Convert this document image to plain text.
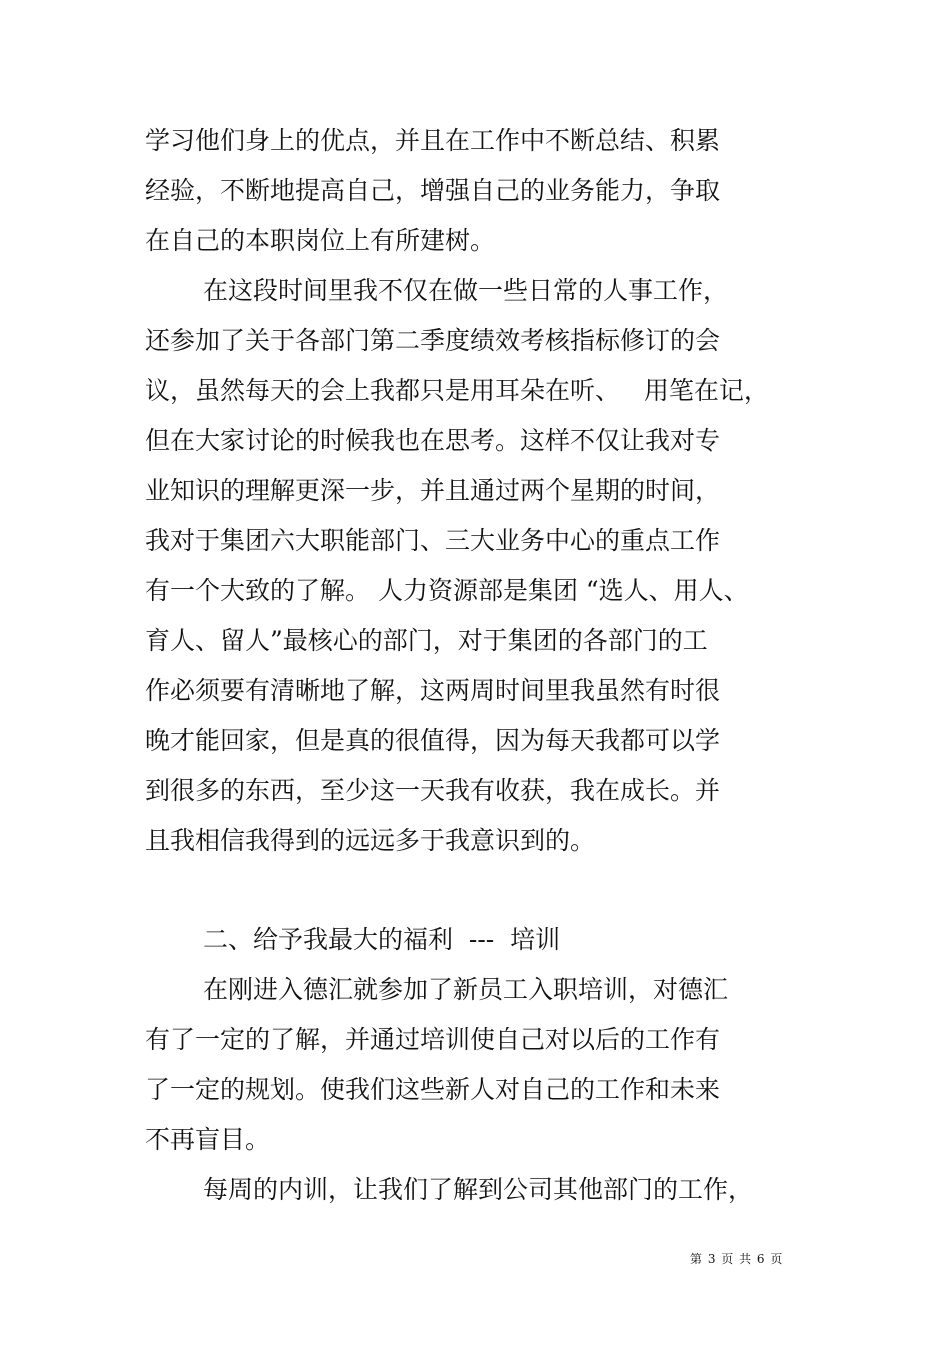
学习他们身上的优点，并且在工作中不断总结、积累
经验，不断地提高自己，增强自己的业务能力，争取
在自己的本职岗位上有所建树。
在这段时间里我不仅在做一些日常的人事工作，
还参加了关于各部门第二季度绩效考核指标修订的会
议，虽然每天的会上我都只是用耳朵在听、   用笔在记，
但在大家讨论的时候我也在思考。这样不仅让我对专
业知识的理解更深一步，并且通过两个星期的时间，
我对于集团六大职能部门、三大业务中心的重点工作
有一个大致的了解。 人力资源部是集团 “选人、用人、
育人、留人”最核心的部门，对于集团的各部门的工
作必须要有清晰地了解，这两周时间里我虽然有时很
晚才能回家，但是真的很值得，因为每天我都可以学
到很多的东西，至少这一天我有收获，我在成长。并
且我相信我得到的远远多于我意识到的。
二、给予我最大的福利  ---  培训
在刚进入德汇就参加了新员工入职培训，对德汇
有了一定的了解，并通过培训使自己对以后的工作有
了一定的规划。使我们这些新人对自己的工作和未来
不再盲目。
每周的内训，让我们了解到公司其他部门的工作，
第 3 页 共 6 页
